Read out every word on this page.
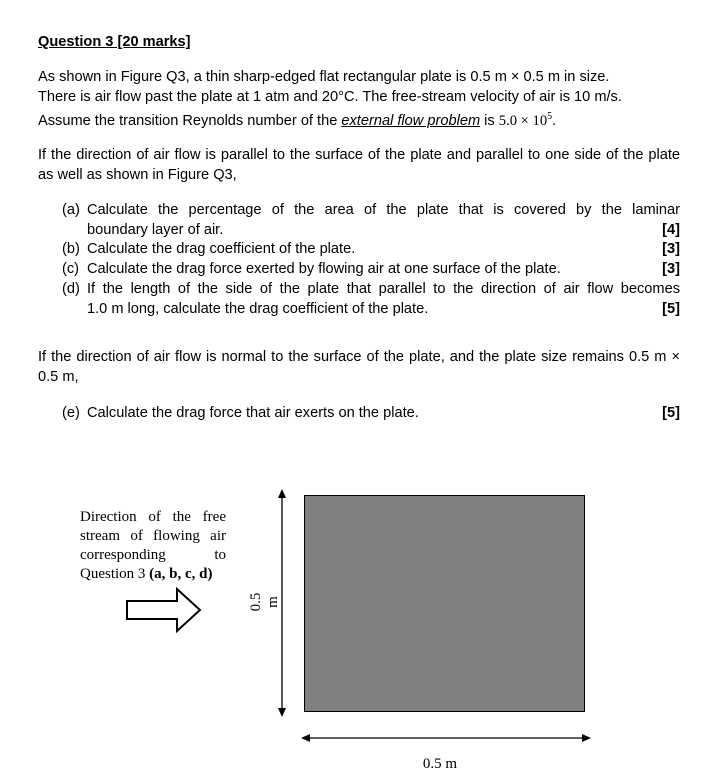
Question 3 [20 marks]
As shown in Figure Q3, a thin sharp-edged flat rectangular plate is 0.5 m × 0.5 m in size.
There is air flow past the plate at 1 atm and 20°C. The free-stream velocity of air is 10 m/s.
Assume the transition Reynolds number of the external flow problem is $5.0 \times 10^5$.
If the direction of air flow is parallel to the surface of the plate and parallel to one side of the plate as well as shown in Figure Q3,
(a) Calculate the percentage of the area of the plate that is covered by the laminar
boundary layer of air.	[4]
(b) Calculate the drag coefficient of the plate.	[3]
(c) Calculate the drag force exerted by flowing air at one surface of the plate.	[3]
(d) If the length of the side of the plate that parallel to the direction of air flow becomes
1.0 m long, calculate the drag coefficient of the plate.	[5]
If the direction of air flow is normal to the surface of the plate, and the plate size remains 0.5 m × 0.5 m,
(e) Calculate the drag force that air exerts on the plate.	[5]
Direction of the free
stream of flowing air
corresponding to
Question 3 (a, b, c, d)
0.5 m
0.5 m
